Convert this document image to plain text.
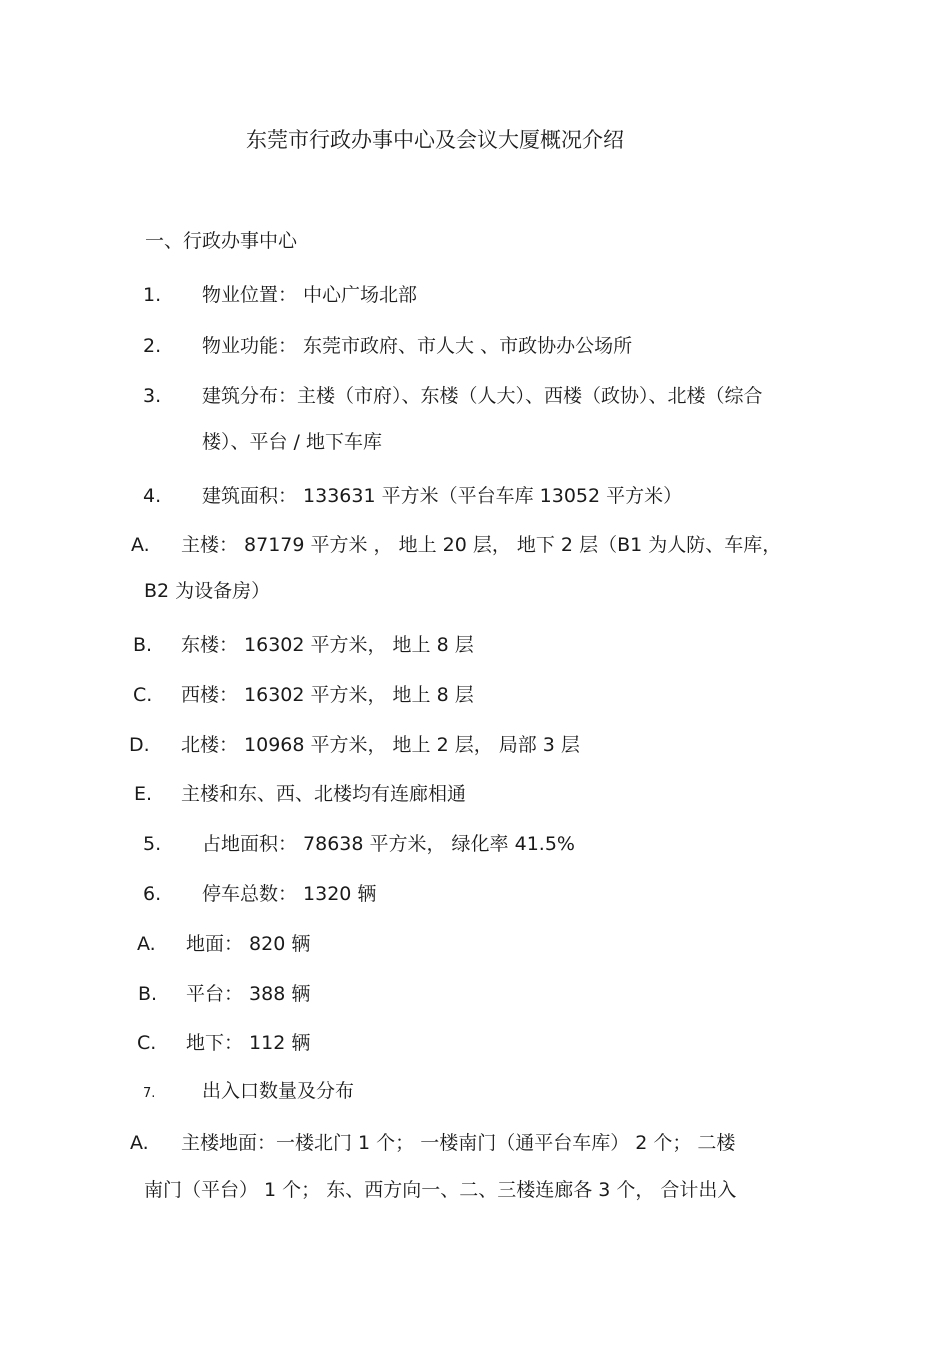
东莞市行政办事中心及会议大厦概况介绍
一、行政办事中心
1. 物业位置： 中心广场北部
2. 物业功能： 东莞市政府、市人大 、市政协办公场所
3. 建筑分布：主楼（市府）、东楼（人大）、西楼（政协）、北楼（综合楼）、平台 / 地下车库
4. 建筑面积： 133631 平方米（平台车库 13052 平方米）
A. 主楼： 87179 平方米 ， 地上 20 层， 地下 2 层（B1 为人防、车库，
B2 为设备房）
B. 东楼： 16302 平方米， 地上 8 层
C. 西楼： 16302 平方米， 地上 8 层
D. 北楼： 10968 平方米， 地上 2 层， 局部 3 层
E. 主楼和东、西、北楼均有连廊相通
5. 占地面积： 78638 平方米， 绿化率 41.5%
6. 停车总数： 1320 辆
A. 地面： 820 辆
B. 平台： 388 辆
C. 地下： 112 辆
7. 出入口数量及分布
A. 主楼地面：一楼北门 1 个； 一楼南门（通平台车库） 2 个； 二楼
南门（平台） 1 个； 东、西方向一、二、三楼连廊各 3 个， 合计出入
